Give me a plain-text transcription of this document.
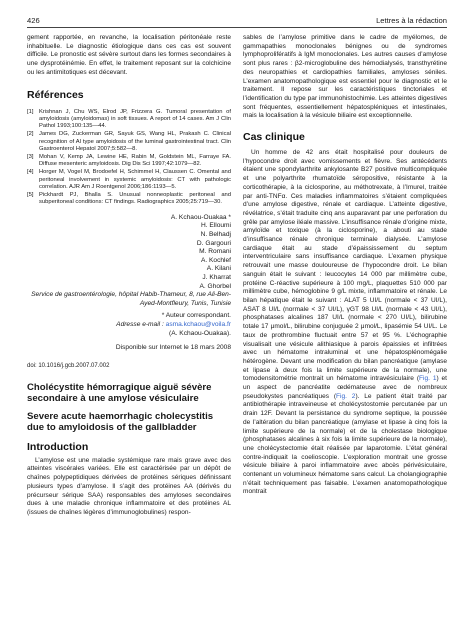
426	Lettres à la rédaction

gement rapportée, en revanche, la localisation péritonéale reste inhabituelle. Le diagnostic étiologique dans ces cas est souvent difficile. Le pronostic est sévère surtout dans les formes secondaires à une dysprotéinémie. En effet, le traitement reposant sur la colchicine ou les antimitotiques est décevant.

Références
[1] Krishnan J, Chu WS, Elrod JP, Frizzera G. Tumoral presentation of amyloidosis (amyloidomas) in soft tissues. A report of 14 cases. Am J Clin Pathol 1993;100:135—44.
[2] James DG, Zuckerman GR, Sayuk GS, Wang HL, Prakash C. Clinical recognition of Al type amyloidosis of the luminal gastrointestinal tract. Clin Gastroenterol Hepatol 2007;5:582—8.
[3] Mohan V, Kemp JA, Lewine HE, Rabin M, Goldstein ML, Farraye FA. Diffuse mesenteric amyloidosis. Dig Dis Sci 1997;42:1079—82.
[4] Horger M, Vogel M, Brodoefel H, Schimmel H, Claussen C. Omental and peritoneal involvement in systemic amyloidosis: CT with pathologic correlation. AJR Am J Roentgenol 2006;186:1193—5.
[5] Pickhardt PJ, Bhalla S. Unusual nonneoplastic peritoneal and subperitoneal conditions: CT findings. Radiographics 2005;25:719—30.
A. Kchaou-Ouakaa *
H. Elloumi
N. Belhadj
D. Gargouri
M. Romani
A. Kochlef
A. Kilani
J. Kharrat
A. Ghorbel
Service de gastroentérologie, hôpital Habib-Thameur, 8, rue Ali-Ben-Ayed-Montfleury, Tunis, Tunisie
* Auteur correspondant.
Adresse e-mail : asma.kchaou@voila.fr
(A. Kchaou-Ouakaa).
Disponible sur Internet le 18 mars 2008
doi: 10.1016/j.gcb.2007.07.002
Cholécystite hémorragique aiguë sévère secondaire à une amylose vésiculaire
Severe acute haemorrhagic cholecystitis due to amyloidosis of the gallbladder
Introduction

L’amylose est une maladie systémique rare mais grave avec des atteintes viscérales variées. Elle est caractérisée par un dépôt de chaînes polypeptidiques dérivées de protéines sériques définissant plusieurs types d’amylose. Il s’agit des protéines AA (dérivés du précurseur sérique SAA) responsables des amyloses secondaires dues à une maladie chronique inflammatoire et des protéines AL (issues de chaînes légères d’immunoglobulines) respon-

sables de l’amylose primitive dans le cadre de myélomes, de gammapathies monoclonales bénignes ou de syndromes lymphoprolifératifs à IgM monoclonales. Les autres causes d’amylose sont plus rares : β2-microglobuline des hémodialysés, transthyrétine des neuropathies et cardiopathies familiales, amyloses séniles. L’examen anatomopathologique est essentiel pour le diagnostic et le traitement. Il repose sur les caractéristiques tinctoriales et l’identification du type par immunohistochimie. Les atteintes digestives sont fréquentes, essentiellement hépatospléniques et intestinales, mais la localisation à la vésicule biliaire est exceptionnelle.

Cas clinique

Un homme de 42 ans était hospitalisé pour douleurs de l’hypocondre droit avec vomissements et fièvre. Ses antécédents étaient une spondylarthrite ankylosante B27 positive multicompliquée et une polyarthrite rhumatoïde séropositive, résistante à la corticothérapie, à la ciclosporine, au méthotrexate, à l’Imurel, traitée par anti-TNFα. Ces maladies inflammatoires s’étaient compliquées d’une amylose digestive, rénale et cardiaque. L’atteinte digestive, révélatrice, s’était traduite cinq ans auparavant par une perforation du grêle par amylose iléale massive. L’insuffisance rénale d’origine mixte, amyloïde et toxique (à la ciclosporine), a abouti au stade d’insuffisance rénale chronique terminale dialysée. L’amylose cardiaque était au stade d’épaississement du septum interventriculaire sans insuffisance cardiaque. L’examen physique retrouvait une masse douloureuse de l’hypocondre droit. Le bilan sanguin était le suivant : leucocytes 14 000 par millimètre cube, protéine C-réactive supérieure à 100 mg/L, plaquettes 510 000 par millimètre cube, hémoglobine 9 g/L mixte, inflammatoire et rénale. Le bilan hépatique était le suivant : ALAT 5 UI/L (normale < 37 UI/L), ASAT 8 UI/L (normale < 37 UI/L), γGT 98 UI/L (normale < 43 UI/L), phosphatases alcalines 187 UI/L (normale < 270 UI/L), bilirubine totale 17 μmol/L, bilirubine conjuguée 2 μmol/L, lipasémie 54 UI/L. Le taux de prothrombine fluctuait entre 57 et 95 %. L’échographie visualisait une vésicule alithiasique à parois épaissies et infiltrées avec un hématome intraluminal et une hépatosplénomégalie hétérogène. Devant une modification du bilan pancréatique (amylase et lipase à deux fois la limite supérieure de la normale), une tomodensitométrie montrait un hématome intravésiculaire (Fig. 1) et un aspect de pancréatite œdémateuse avec de nombreux pseudokystes pancréatiques (Fig. 2). Le patient était traité par antibiothérapie intraveineuse et cholécystostomie percutanée par un drain 12F. Devant la persistance du syndrome septique, la poussée de l’altération du bilan pancréatique (amylase et lipase à cinq fois la limite supérieure de la normale) et de la cholestase biologique (phosphatases alcalines à six fois la limite supérieure de la normale), une cholécystectomie était réalisée par laparotomie. L’état général contre-indiquait la coelioscopie. L’exploration montrait une grosse vésicule biliaire à paroi inflammatoire avec abcès périvésiculaire, contenant un volumineux hématome sans calcul. La cholangiographie n’était techniquement pas faisable. L’examen anatomopathologique montrait
